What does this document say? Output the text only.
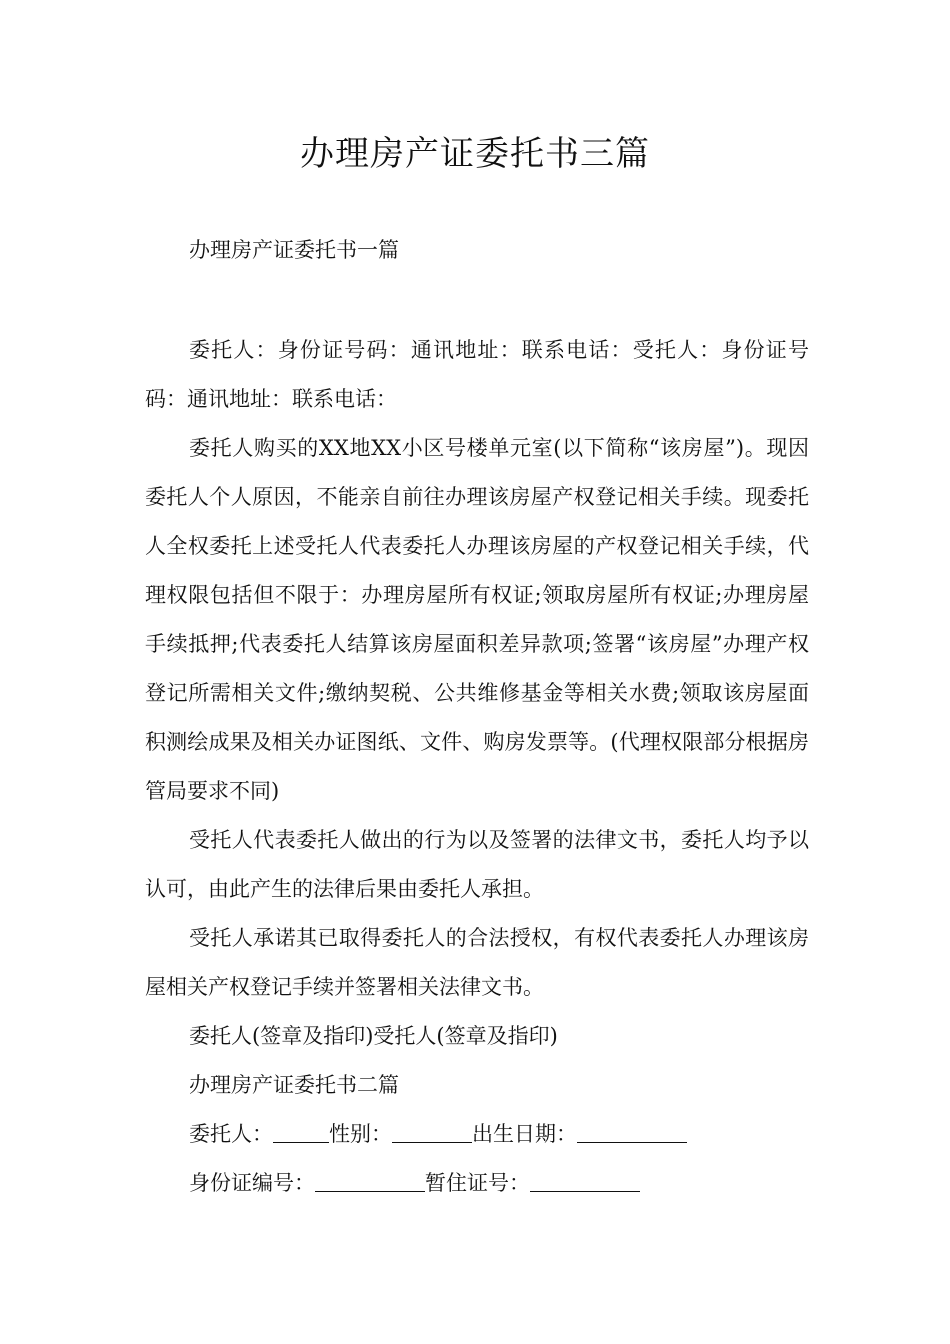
办理房产证委托书三篇

办理房产证委托书一篇

委托人：身份证号码：通讯地址：联系电话：受托人：身份证号码：通讯地址：联系电话：

委托人购买的XX地XX小区号楼单元室(以下简称“该房屋”)。现因委托人个人原因，不能亲自前往办理该房屋产权登记相关手续。现委托人全权委托上述受托人代表委托人办理该房屋的产权登记相关手续，代理权限包括但不限于：办理房屋所有权证;领取房屋所有权证;办理房屋手续抵押;代表委托人结算该房屋面积差异款项;签署“该房屋”办理产权登记所需相关文件;缴纳契税、公共维修基金等相关水费;领取该房屋面积测绘成果及相关办证图纸、文件、购房发票等。(代理权限部分根据房管局要求不同)

受托人代表委托人做出的行为以及签署的法律文书，委托人均予以认可，由此产生的法律后果由委托人承担。

受托人承诺其已取得委托人的合法授权，有权代表委托人办理该房屋相关产权登记手续并签署相关法律文书。

委托人(签章及指印)受托人(签章及指印)

办理房产证委托书二篇

委托人：	性别：	出生日期：

身份证编号：	暂住证号：
